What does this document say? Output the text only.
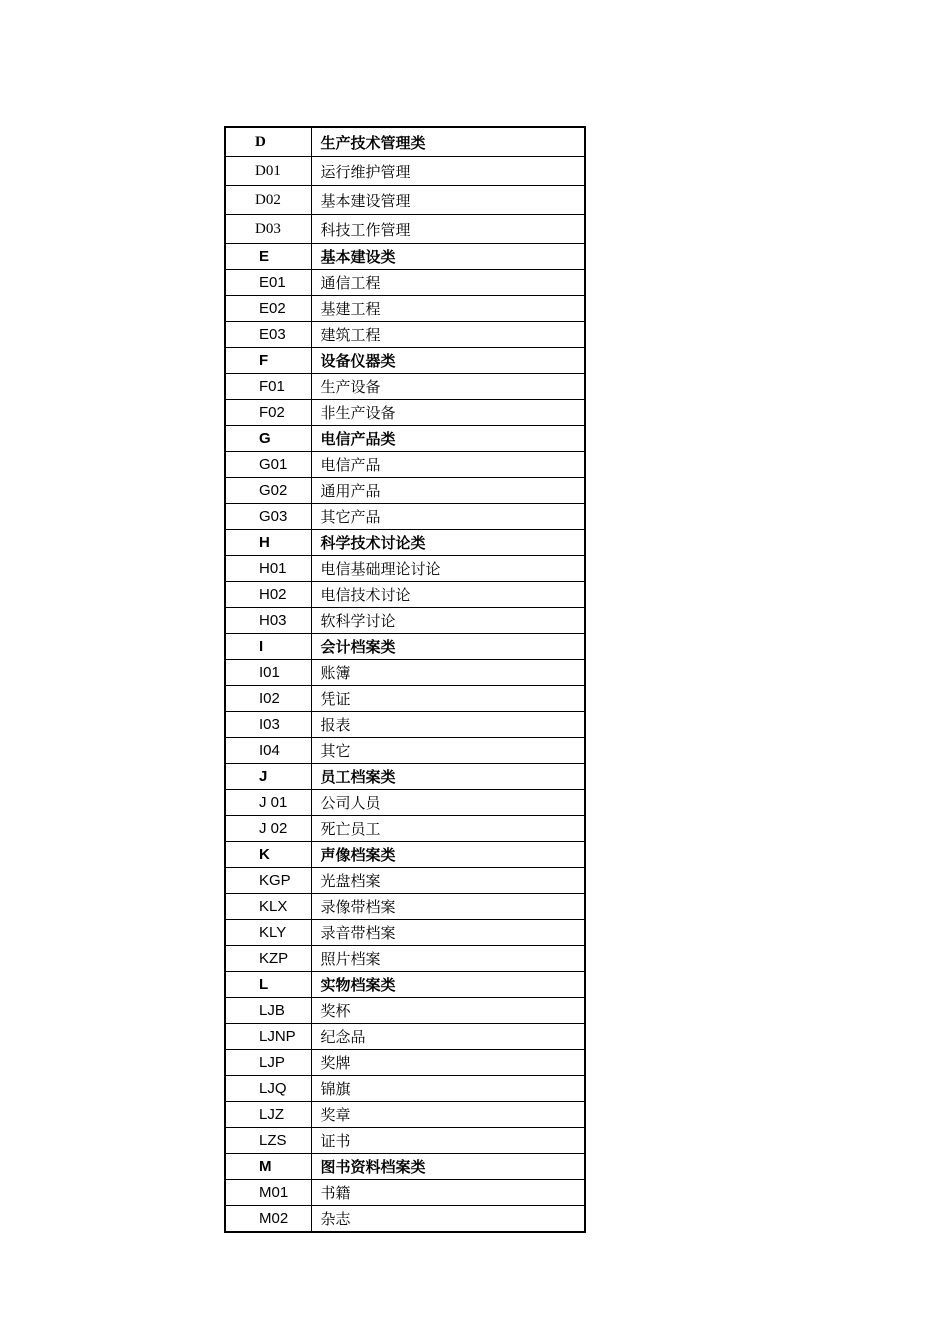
D	生产技术管理类
D01	运行维护管理
D02	基本建设管理
D03	科技工作管理
E	基本建设类
E01	通信工程
E02	基建工程
E03	建筑工程
F	设备仪器类
F01	生产设备
F02	非生产设备
G	电信产品类
G01	电信产品
G02	通用产品
G03	其它产品
H	科学技术讨论类
H01	电信基础理论讨论
H02	电信技术讨论
H03	软科学讨论
I	会计档案类
I01	账簿
I02	凭证
I03	报表
I04	其它
J	员工档案类
J 01	公司人员
J 02	死亡员工
K	声像档案类
KGP	光盘档案
KLX	录像带档案
KLY	录音带档案
KZP	照片档案
L	实物档案类
LJB	奖杯
LJNP	纪念品
LJP	奖牌
LJQ	锦旗
LJZ	奖章
LZS	证书
M	图书资料档案类
M01	书籍
M02	杂志
